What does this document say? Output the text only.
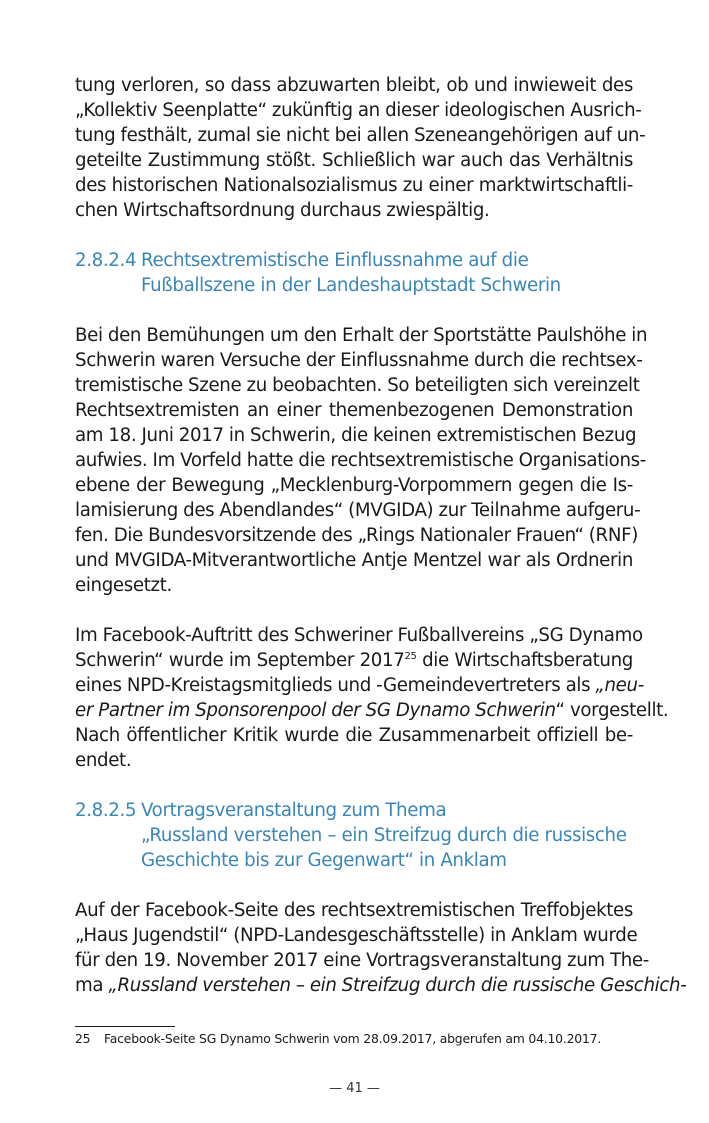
tung verloren, so dass abzuwarten bleibt, ob und inwieweit des
„Kollektiv Seenplatte“ zukünftig an dieser ideologischen Ausrich-
tung festhält, zumal sie nicht bei allen Szeneangehörigen auf un-
geteilte Zustimmung stößt. Schließlich war auch das Verhältnis
des historischen Nationalsozialismus zu einer marktwirtschaftli-
chen Wirtschaftsordnung durchaus zwiespältig.

2.8.2.4 Rechtsextremistische Einflussnahme auf die
Fußballszene in der Landeshauptstadt Schwerin

Bei den Bemühungen um den Erhalt der Sportstätte Paulshöhe in
Schwerin waren Versuche der Einflussnahme durch die rechtsex-
tremistische Szene zu beobachten. So beteiligten sich vereinzelt
Rechtsextremisten an einer themenbezogenen Demonstration
am 18. Juni 2017 in Schwerin, die keinen extremistischen Bezug
aufwies. Im Vorfeld hatte die rechtsextremistische Organisations-
ebene der Bewegung „Mecklenburg-Vorpommern gegen die Is-
lamisierung des Abendlandes“ (MVGIDA) zur Teilnahme aufgeru-
fen. Die Bundesvorsitzende des „Rings Nationaler Frauen“ (RNF)
und MVGIDA-Mitverantwortliche Antje Mentzel war als Ordnerin
eingesetzt.

Im Facebook-Auftritt des Schweriner Fußballvereins „SG Dynamo
Schwerin“ wurde im September 2017$^{25}$ die Wirtschaftsberatung
eines NPD-Kreistagsmitglieds und -Gemeindevertreters als „neu-
er Partner im Sponsorenpool der SG Dynamo Schwerin“ vorgestellt.
Nach öffentlicher Kritik wurde die Zusammenarbeit offiziell be-
endet.

2.8.2.5 Vortragsveranstaltung zum Thema
„Russland verstehen – ein Streifzug durch die russische
Geschichte bis zur Gegenwart“ in Anklam

Auf der Facebook-Seite des rechtsextremistischen Treffobjektes
„Haus Jugendstil“ (NPD-Landesgeschäftsstelle) in Anklam wurde
für den 19. November 2017 eine Vortragsveranstaltung zum The-
ma „Russland verstehen – ein Streifzug durch die russische Geschich-

25 Facebook-Seite SG Dynamo Schwerin vom 28.09.2017, abgerufen am 04.10.2017.
— 41 —
